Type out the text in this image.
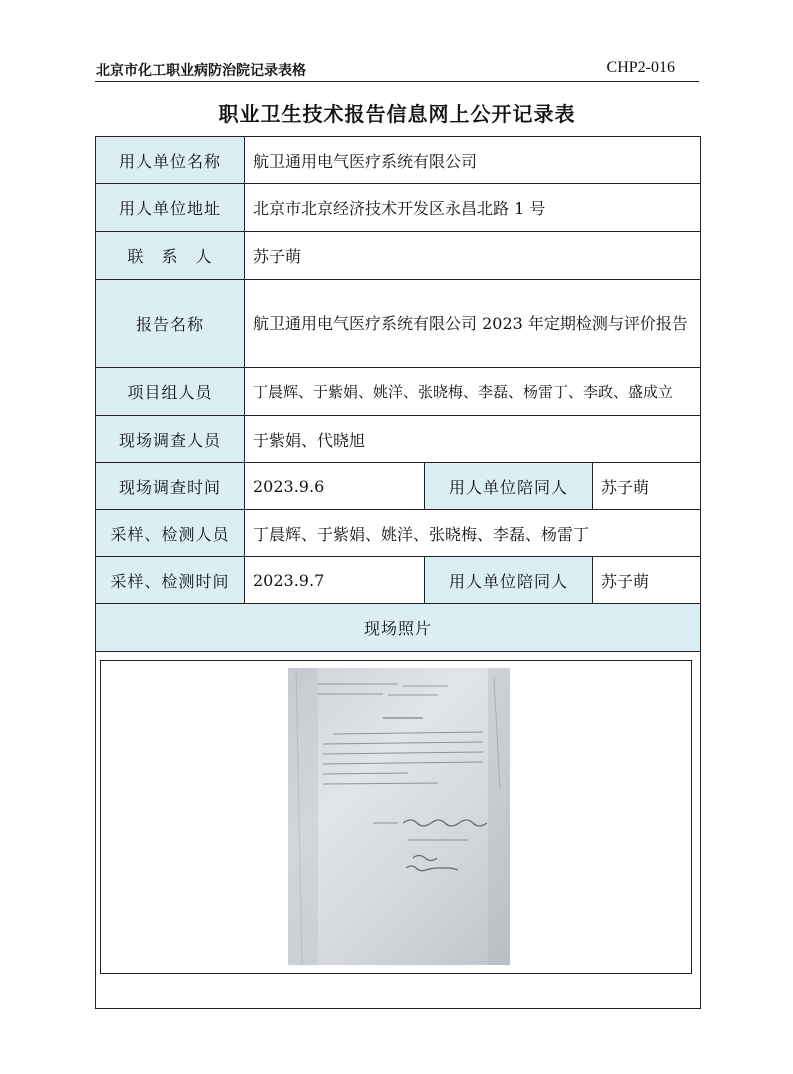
北京市化工职业病防治院记录表格	CHP2-016
职业卫生技术报告信息网上公开记录表
用人单位名称	航卫通用电气医疗系统有限公司		
用人单位地址	北京市北京经济技术开发区永昌北路 1 号		
联　系　人	苏子萌		
报告名称	航卫通用电气医疗系统有限公司 2023 年定期检测与评价报告		
项目组人员	丁晨辉、于紫娟、姚洋、张晓梅、李磊、杨雷丁、李政、盛成立		
现场调查人员	于紫娟、代晓旭		
现场调查时间	2023.9.6	用人单位陪同人	苏子萌
采样、检测人员	丁晨辉、于紫娟、姚洋、张晓梅、李磊、杨雷丁		
采样、检测时间	2023.9.7	用人单位陪同人	苏子萌
现场照片			
